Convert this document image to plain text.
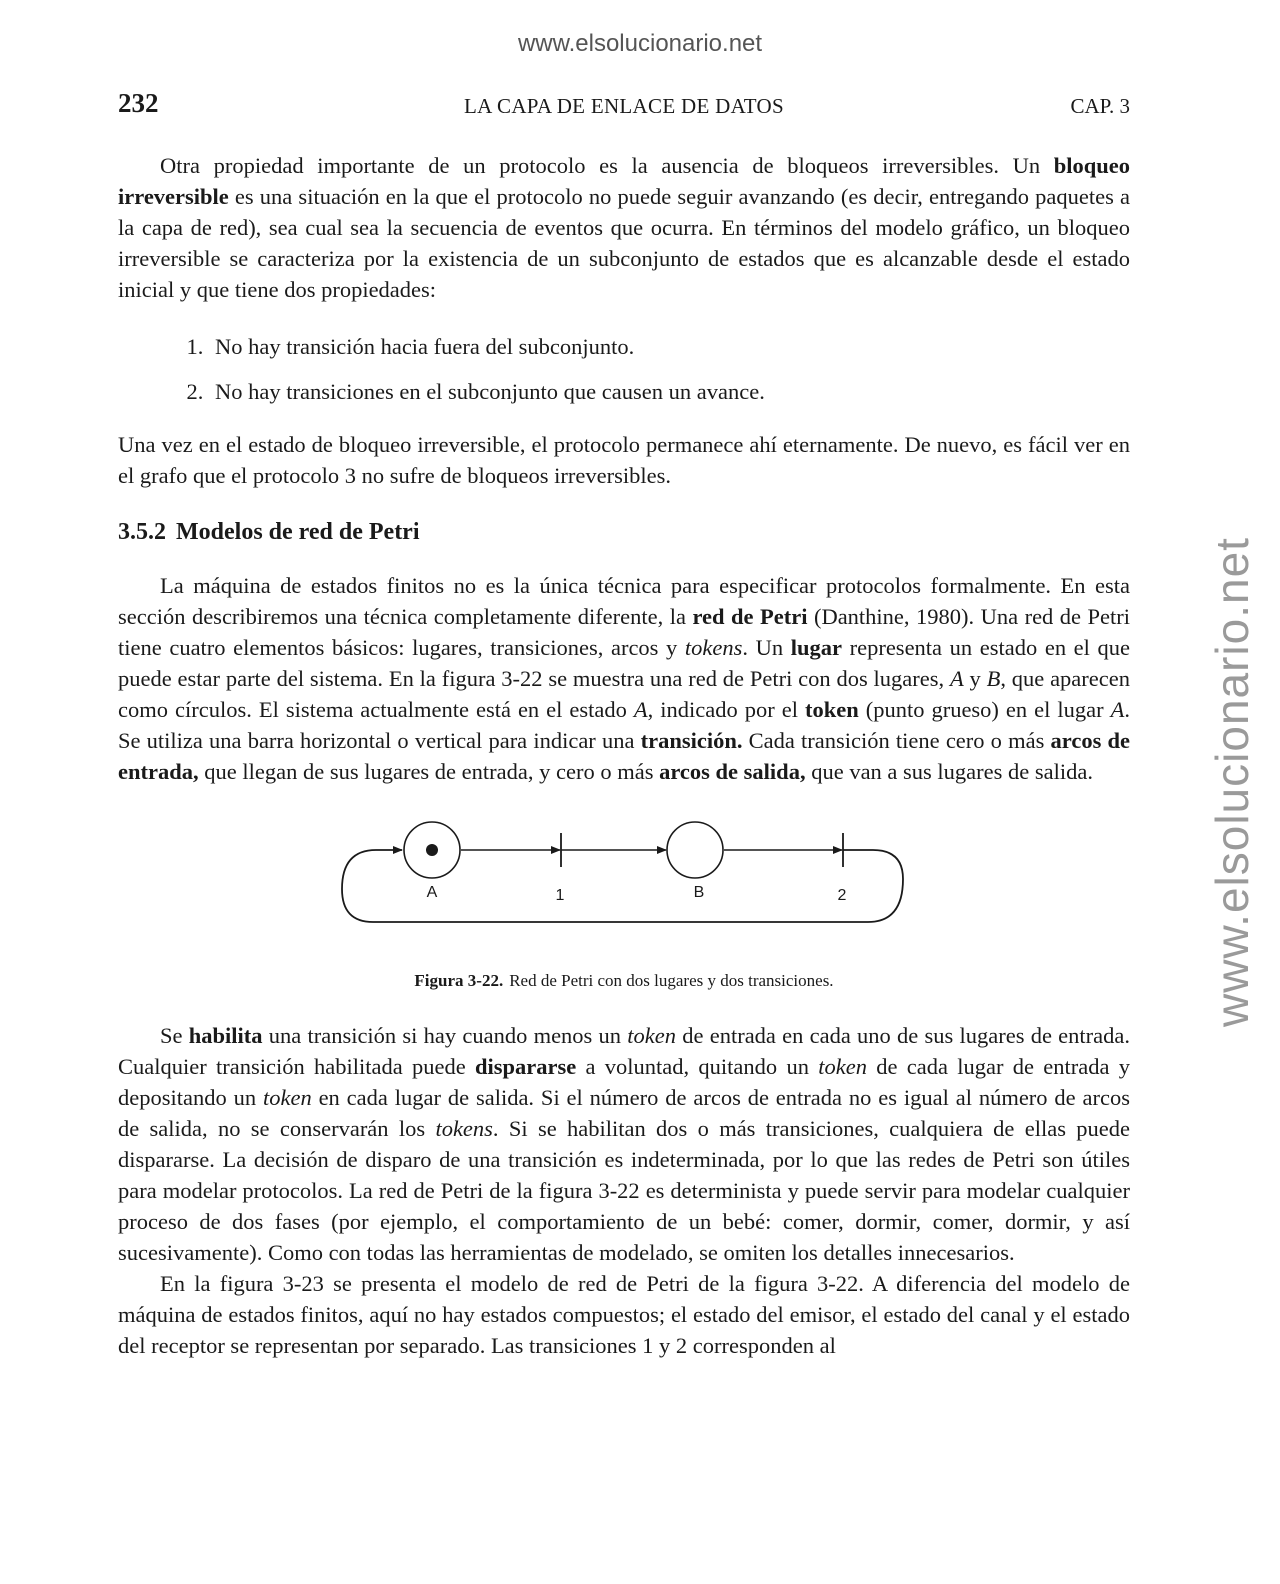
www.elsolucionario.net
www.elsolucionario.net
LA CAPA DE ENLACE DE DATOS
232	CAP. 3

Otra propiedad importante de un protocolo es la ausencia de bloqueos irreversibles. Un bloqueo irreversible es una situación en la que el protocolo no puede seguir avanzando (es decir, entregando paquetes a la capa de red), sea cual sea la secuencia de eventos que ocurra. En términos del modelo gráfico, un bloqueo irreversible se caracteriza por la existencia de un subconjunto de estados que es alcanzable desde el estado inicial y que tiene dos propiedades:

1. No hay transición hacia fuera del subconjunto.
2. No hay transiciones en el subconjunto que causen un avance.

Una vez en el estado de bloqueo irreversible, el protocolo permanece ahí eternamente. De nuevo, es fácil ver en el grafo que el protocolo 3 no sufre de bloqueos irreversibles.

3.5.2 Modelos de red de Petri

La máquina de estados finitos no es la única técnica para especificar protocolos formalmente. En esta sección describiremos una técnica completamente diferente, la red de Petri (Danthine, 1980). Una red de Petri tiene cuatro elementos básicos: lugares, transiciones, arcos y tokens. Un lugar representa un estado en el que puede estar parte del sistema. En la figura 3-22 se muestra una red de Petri con dos lugares, A y B, que aparecen como círculos. El sistema actualmente está en el estado A, indicado por el token (punto grueso) en el lugar A. Se utiliza una barra horizontal o vertical para indicar una transición. Cada transición tiene cero o más arcos de entrada, que llegan de sus lugares de entrada, y cero o más arcos de salida, que van a sus lugares de salida.

A	1	B	2
Figura 3-22. Red de Petri con dos lugares y dos transiciones.

Se habilita una transición si hay cuando menos un token de entrada en cada uno de sus lugares de entrada. Cualquier transición habilitada puede dispararse a voluntad, quitando un token de cada lugar de entrada y depositando un token en cada lugar de salida. Si el número de arcos de entrada no es igual al número de arcos de salida, no se conservarán los tokens. Si se habilitan dos o más transiciones, cualquiera de ellas puede dispararse. La decisión de disparo de una transición es indeterminada, por lo que las redes de Petri son útiles para modelar protocolos. La red de Petri de la figura 3-22 es determinista y puede servir para modelar cualquier proceso de dos fases (por ejemplo, el comportamiento de un bebé: comer, dormir, comer, dormir, y así sucesivamente). Como con todas las herramientas de modelado, se omiten los detalles innecesarios.

En la figura 3-23 se presenta el modelo de red de Petri de la figura 3-22. A diferencia del modelo de máquina de estados finitos, aquí no hay estados compuestos; el estado del emisor, el estado del canal y el estado del receptor se representan por separado. Las transiciones 1 y 2 corresponden al
